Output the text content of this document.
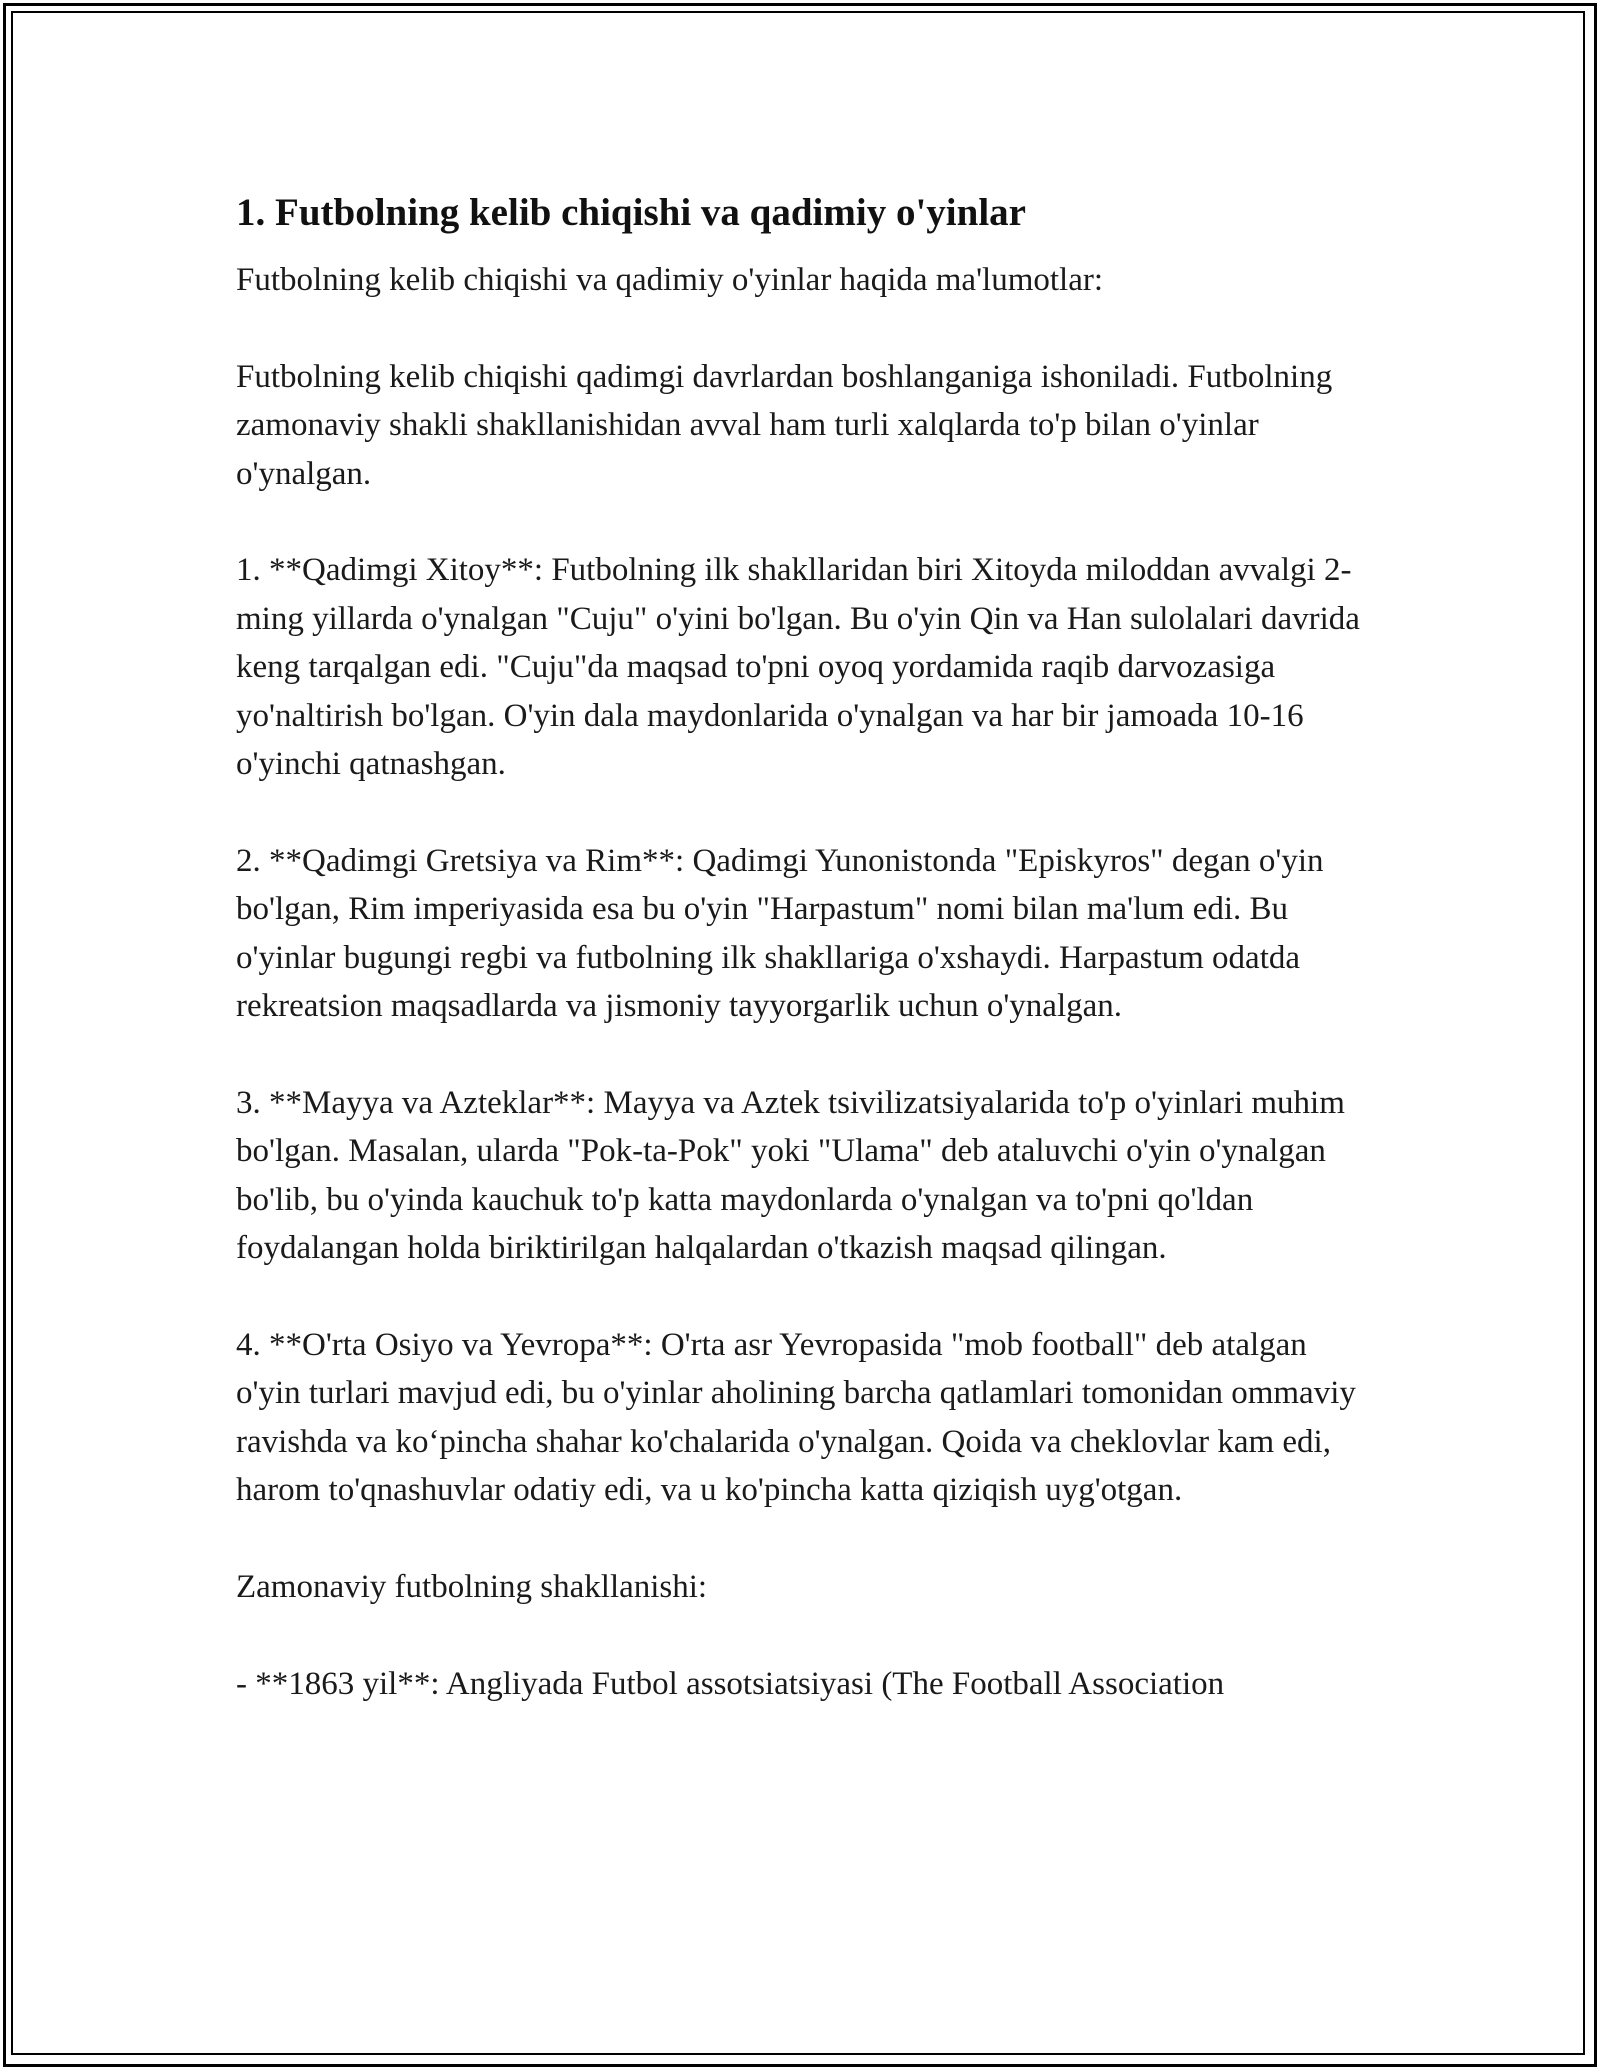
1. Futbolning kelib chiqishi va qadimiy o'yinlar

Futbolning kelib chiqishi va qadimiy o'yinlar haqida ma'lumotlar:

Futbolning kelib chiqishi qadimgi davrlardan boshlanganiga ishoniladi. Futbolning zamonaviy shakli shakllanishidan avval ham turli xalqlarda to'p bilan o'yinlar o'ynalgan.

1. **Qadimgi Xitoy**: Futbolning ilk shakllaridan biri Xitoyda miloddan avvalgi 2-ming yillarda o'ynalgan "Cuju" o'yini bo'lgan. Bu o'yin Qin va Han sulolalari davrida keng tarqalgan edi. "Cuju"da maqsad to'pni oyoq yordamida raqib darvozasiga yo'naltirish bo'lgan. O'yin dala maydonlarida o'ynalgan va har bir jamoada 10-16 o'yinchi qatnashgan.

2. **Qadimgi Gretsiya va Rim**: Qadimgi Yunonistonda "Episkyros" degan o'yin bo'lgan, Rim imperiyasida esa bu o'yin "Harpastum" nomi bilan ma'lum edi. Bu o'yinlar bugungi regbi va futbolning ilk shakllariga o'xshaydi. Harpastum odatda rekreatsion maqsadlarda va jismoniy tayyorgarlik uchun o'ynalgan.

3. **Mayya va Azteklar**: Mayya va Aztek tsivilizatsiyalarida to'p o'yinlari muhim bo'lgan. Masalan, ularda "Pok-ta-Pok" yoki "Ulama" deb ataluvchi o'yin o'ynalgan bo'lib, bu o'yinda kauchuk to'p katta maydonlarda o'ynalgan va to'pni qo'ldan foydalangan holda biriktirilgan halqalardan o'tkazish maqsad qilingan.

4. **O'rta Osiyo va Yevropa**: O'rta asr Yevropasida "mob football" deb atalgan o'yin turlari mavjud edi, bu o'yinlar aholining barcha qatlamlari tomonidan ommaviy ravishda va ko‘pincha shahar ko'chalarida o'ynalgan. Qoida va cheklovlar kam edi, harom to'qnashuvlar odatiy edi, va u ko'pincha katta qiziqish uyg'otgan.

Zamonaviy futbolning shakllanishi:

- **1863 yil**: Angliyada Futbol assotsiatsiyasi (The Football Association
